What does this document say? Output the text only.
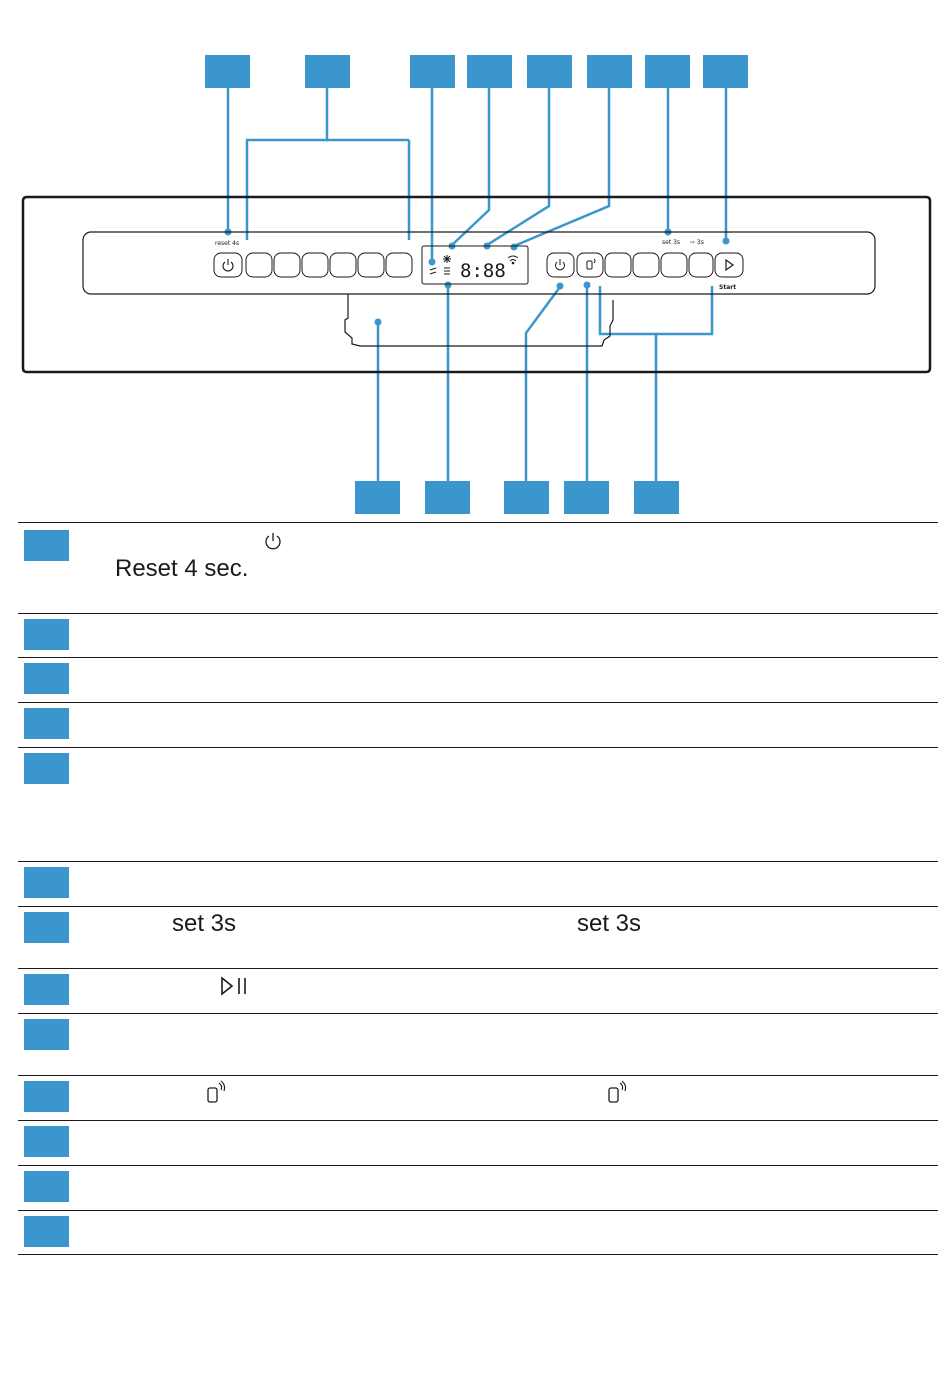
8:88
reset 4s	set 3s ⇨ 3s
Start
Reset 4 sec.
set 3s	set 3s
